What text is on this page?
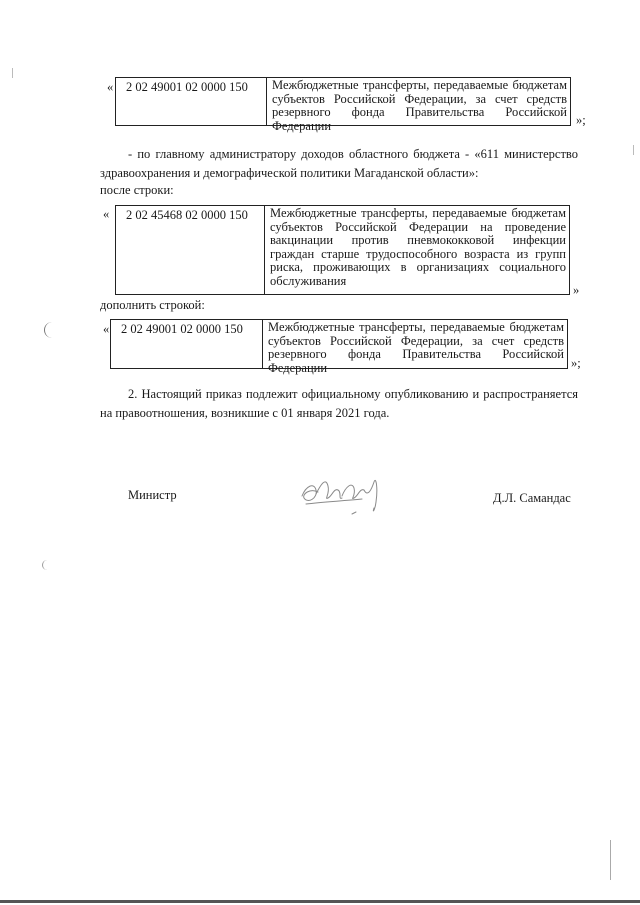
«	2 02 49001 02 0000 150	Межбюджетные трансферты, передаваемые бюджетам субъектов Российской Федерации, за счет средств резервного фонда Правительства Российской Федерации	»;
- по главному администратору доходов областного бюджета - «611 министерство здравоохранения и демографической политики Магаданской области»:
после строки:
«	2 02 45468 02 0000 150	Межбюджетные трансферты, передаваемые бюджетам субъектов Российской Федерации на проведение вакцинации против пневмококковой инфекции граждан старше трудоспособного возраста из групп риска, проживающих в организациях социального обслуживания
»
дополнить строкой:
« 2 02 49001 02 0000 150	Межбюджетные трансферты, передаваемые бюджетам субъектов Российской Федерации, за счет средств резервного фонда Правительства Российской Федерации	»;
2. Настоящий приказ подлежит официальному опубликованию и распространяется на правоотношения, возникшие с 01 января 2021 года.
Министр	Д.Л. Самандас
